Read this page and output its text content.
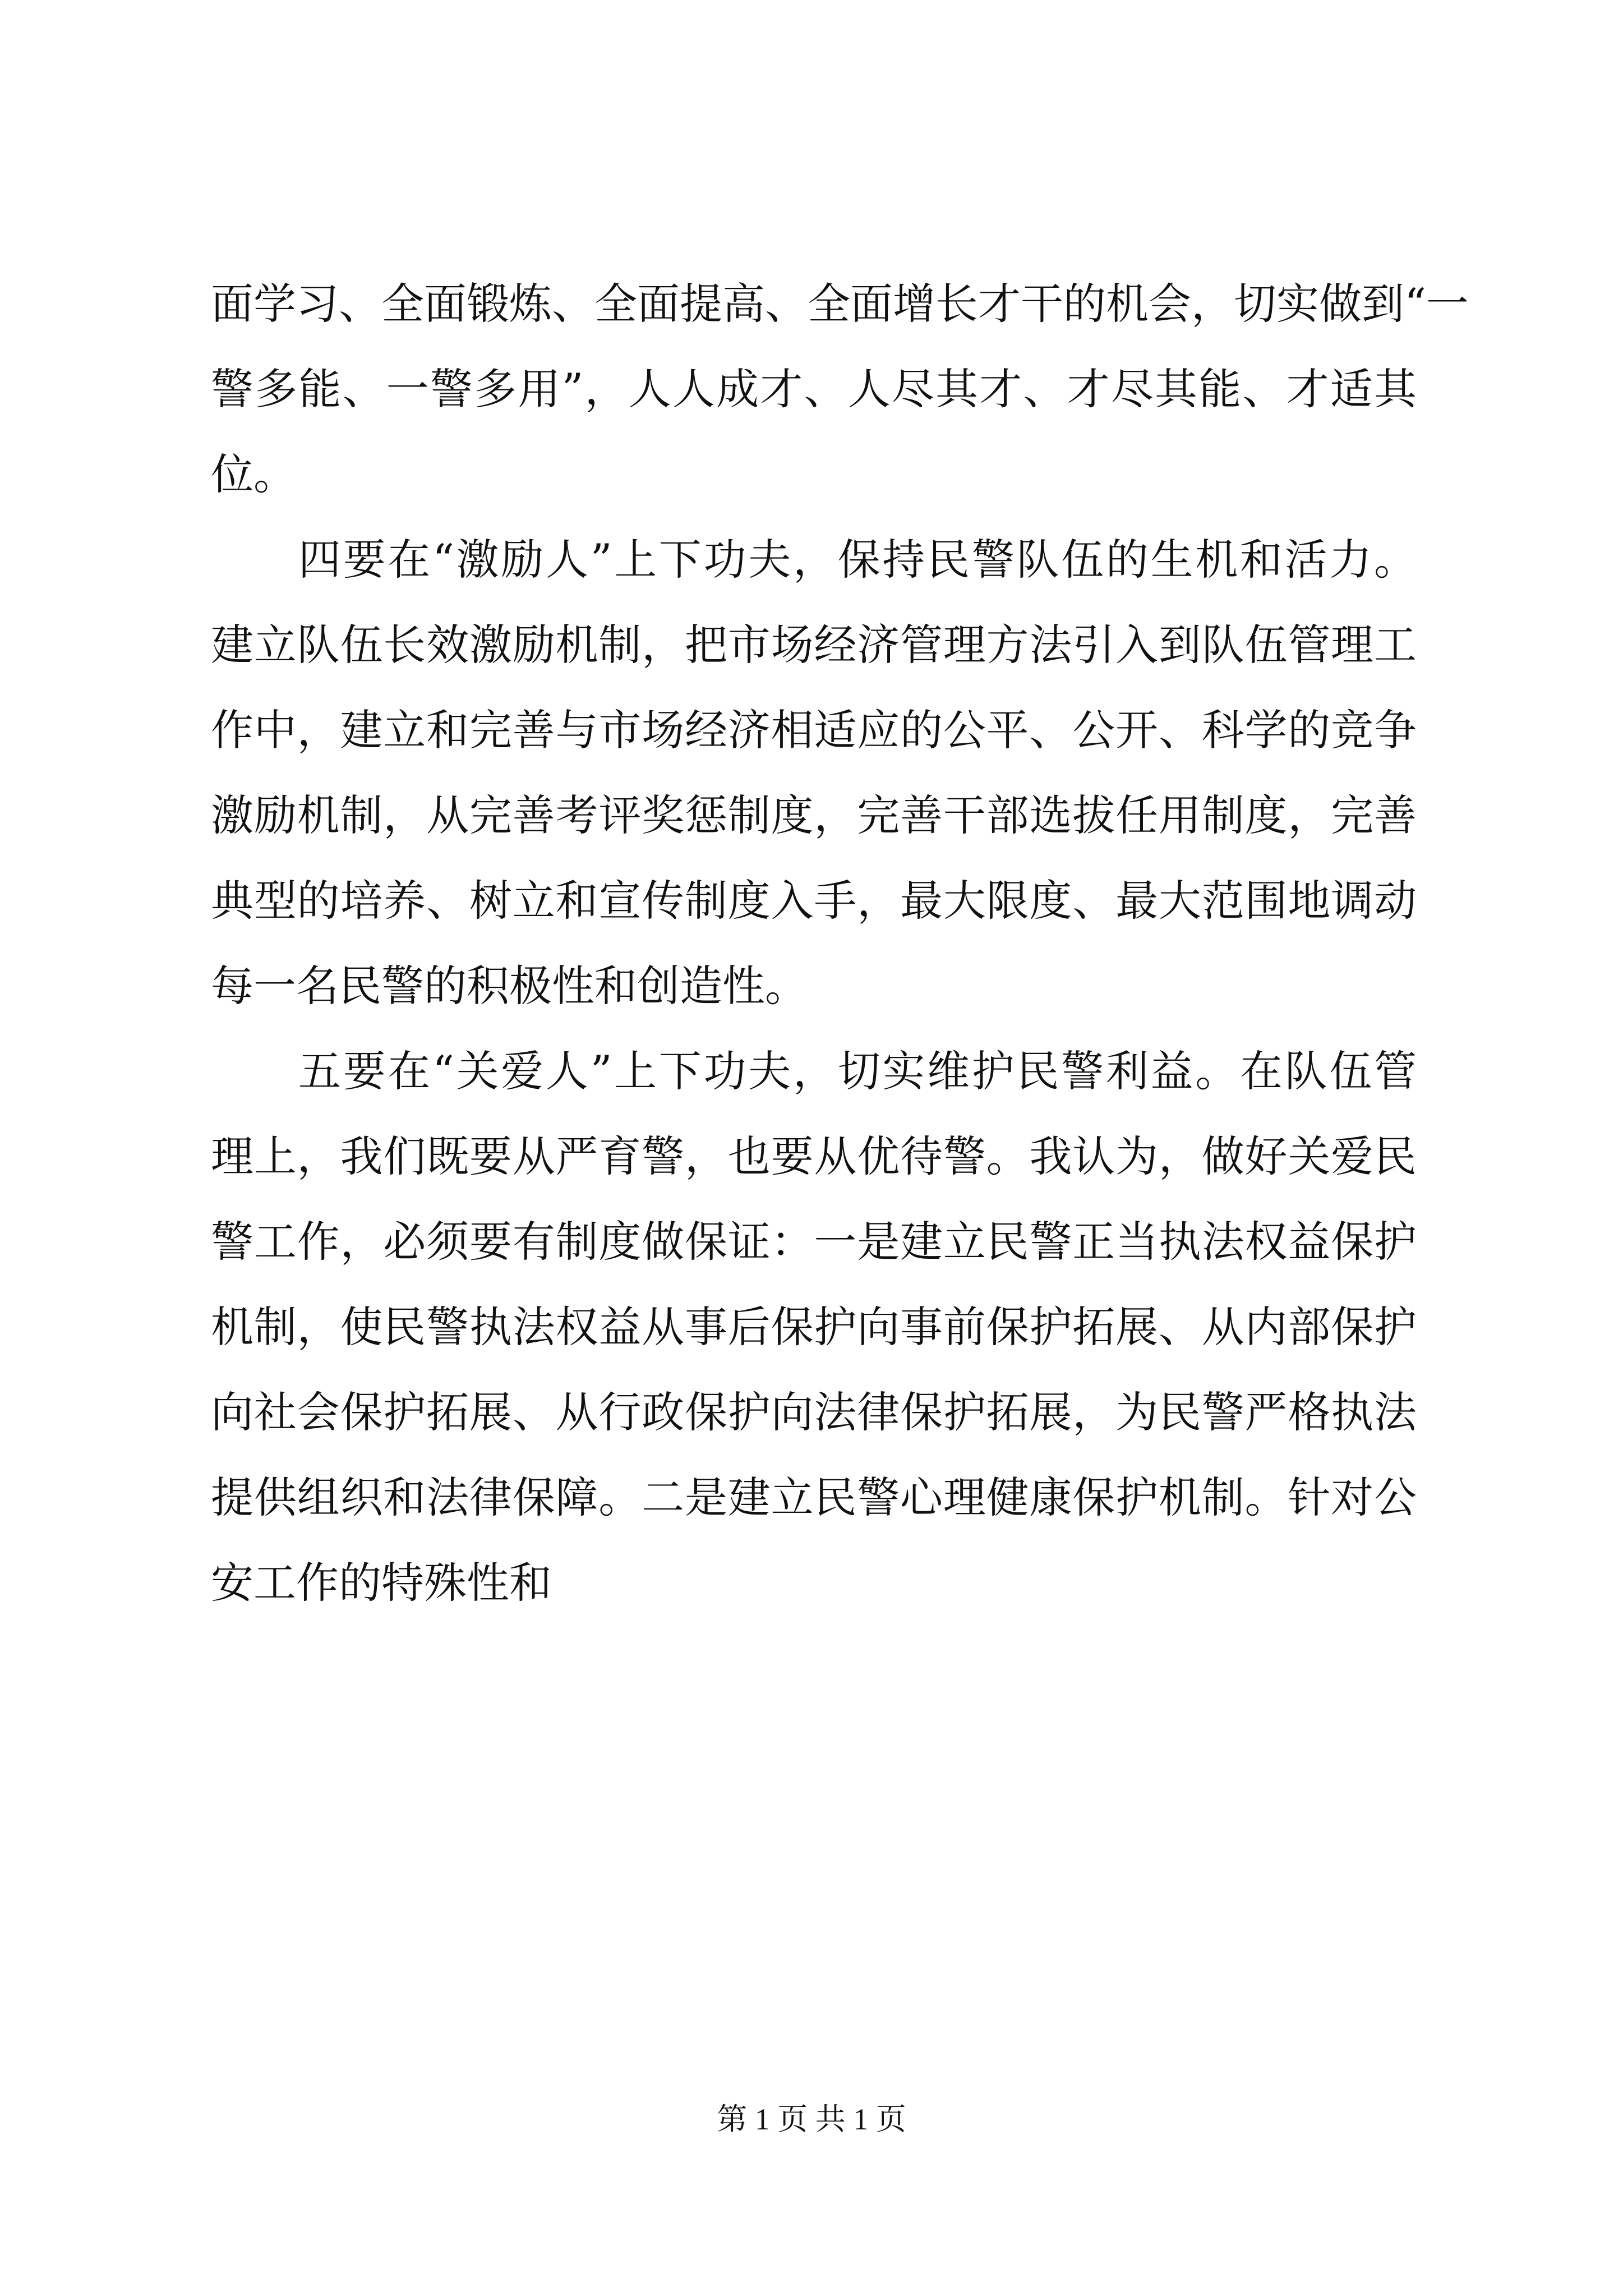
面学习、全面锻炼、全面提高、全面增长才干的机会，切实做到“一
警多能、一警多用”，人人成才、人尽其才、才尽其能、才适其
位。
四要在“激励人”上下功夫，保持民警队伍的生机和活力。
建立队伍长效激励机制，把市场经济管理方法引入到队伍管理工
作中，建立和完善与市场经济相适应的公平、公开、科学的竞争
激励机制，从完善考评奖惩制度，完善干部选拔任用制度，完善
典型的培养、树立和宣传制度入手，最大限度、最大范围地调动
每一名民警的积极性和创造性。
五要在“关爱人”上下功夫，切实维护民警利益。在队伍管
理上，我们既要从严育警，也要从优待警。我认为，做好关爱民
警工作，必须要有制度做保证：一是建立民警正当执法权益保护
机制，使民警执法权益从事后保护向事前保护拓展、从内部保护
向社会保护拓展、从行政保护向法律保护拓展，为民警严格执法
提供组织和法律保障。二是建立民警心理健康保护机制。针对公
安工作的特殊性和
第 1 页 共 1 页
